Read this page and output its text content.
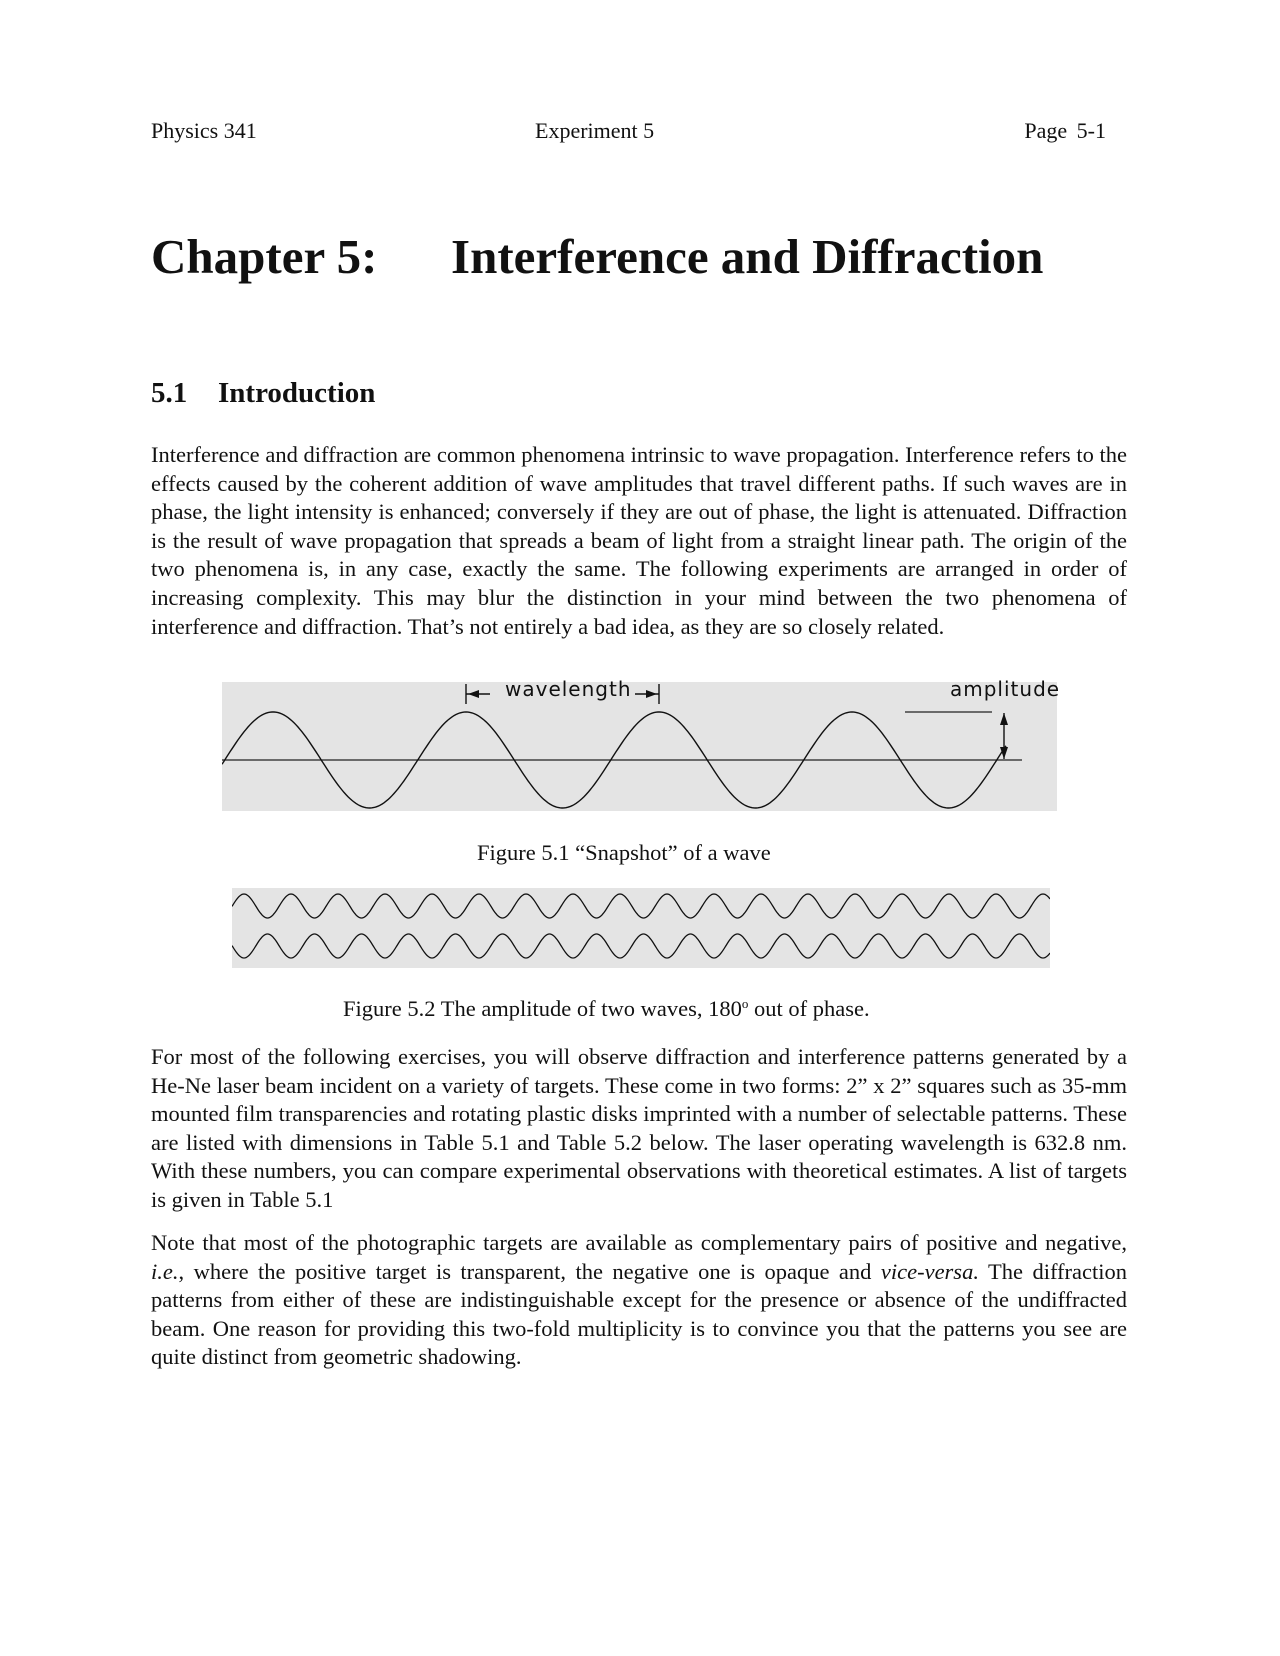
Physics 341	Experiment 5	Page 5-1
Chapter 5: Interference and Diffraction
5.1 Introduction

Interference and diffraction are common phenomena intrinsic to wave propagation. Interference refers to the effects caused by the coherent addition of wave amplitudes that travel different paths. If such waves are in phase, the light intensity is enhanced; conversely if they are out of phase, the light is attenuated. Diffraction is the result of wave propagation that spreads a beam of light from a straight linear path. The origin of the two phenomena is, in any case, exactly the same. The following experiments are arranged in order of increasing complexity. This may blur the distinction in your mind between the two phenomena of interference and diffraction. That’s not entirely a bad idea, as they are so closely related.

wavelength	amplitude

Figure 5.1 “Snapshot” of a wave

Figure 5.2 The amplitude of two waves, 180$^o$ out of phase.

For most of the following exercises, you will observe diffraction and interference patterns generated by a He-Ne laser beam incident on a variety of targets. These come in two forms: 2” x 2” squares such as 35-mm mounted film transparencies and rotating plastic disks imprinted with a number of selectable patterns. These are listed with dimensions in Table 5.1 and Table 5.2 below. The laser operating wavelength is 632.8 nm. With these numbers, you can compare experimental observations with theoretical estimates. A list of targets is given in Table 5.1

Note that most of the photographic targets are available as complementary pairs of positive and negative, i.e., where the positive target is transparent, the negative one is opaque and vice-versa. The diffraction patterns from either of these are indistinguishable except for the presence or absence of the undiffracted beam. One reason for providing this two-fold multiplicity is to convince you that the patterns you see are quite distinct from geometric shadowing.
